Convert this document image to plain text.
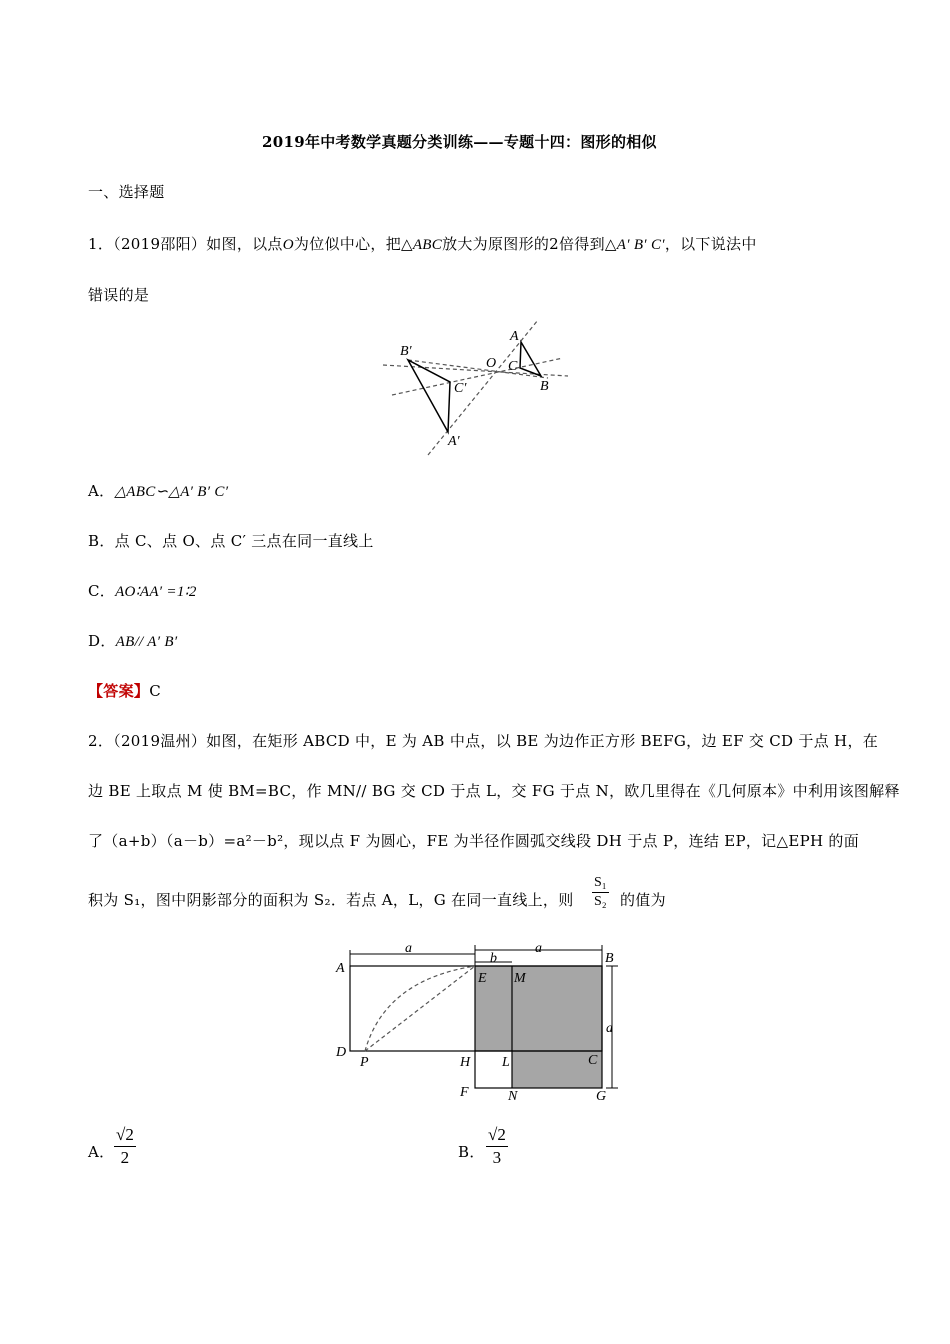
2019年中考数学真题分类训练——专题十四：图形的相似
一、选择题
1．（2019邵阳）如图，以点O为位似中心，把△ABC放大为原图形的2倍得到△A′ B′ C′，以下说法中
错误的是
B′
C′
A′
O C
A
B
A．△ABC∽△A′ B′ C′
B．点 C、点 O、点 C′ 三点在同一直线上
C．AO∶AA′ =1∶2
D．AB// A′ B′
【答案】C
2．（2019温州）如图，在矩形 ABCD 中，E 为 AB 中点，以 BE 为边作正方形 BEFG，边 EF 交 CD 于点 H，在
边 BE 上取点 M 使 BM=BC，作 MN// BG 交 CD 于点 L，交 FG 于点 N，欧几里得在《几何原本》中利用该图解释
了（a+b）（a－b）=a²－b²，现以点 F 为圆心，FE 为半径作圆弧交线段 DH 于点 P，连结 EP，记△EPH 的面
积为 S₁，图中阴影部分的面积为 S₂．若点 A，L，G 在同一直线上，则 $\frac{\text{S₁}}{\text{S₂}}$ 的值为
a
b
a
a
A
B
E M
D
P	H L	C
F	N	G
A． $\frac{√2}{2}$	B． $\frac{√2}{3}$
